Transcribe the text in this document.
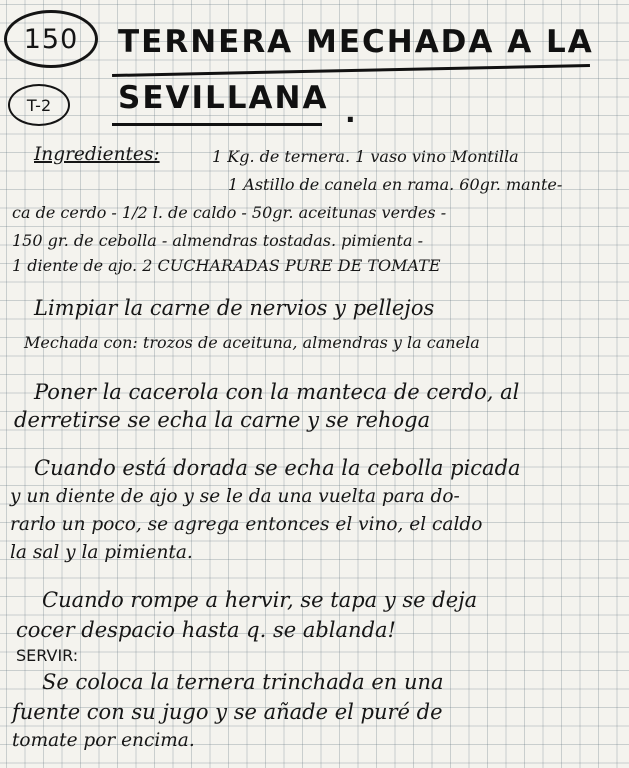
150
T-2
TERNERA MECHADA A LA
SEVILLANA .
Ingredientes:	1 Kg. de ternera. 1 vaso vino Montilla
1 Astillo de canela en rama. 60gr. mante-
ca de cerdo - 1/2 l. de caldo - 50gr. aceitunas verdes -
150 gr. de cebolla - almendras tostadas. pimienta -
1 diente de ajo. 2 CUCHARADAS PURE DE TOMATE
Limpiar la carne de nervios y pellejos
Mechada con: trozos de aceituna, almendras y la canela
Poner la cacerola con la manteca de cerdo, al
derretirse se echa la carne y se rehoga
Cuando está dorada se echa la cebolla picada
y un diente de ajo y se le da una vuelta para do-
rarlo un poco, se agrega entonces el vino, el caldo
la sal y la pimienta.
Cuando rompe a hervir, se tapa y se deja
cocer despacio hasta q. se ablanda!
SERVIR:
Se coloca la ternera trinchada en una
fuente con su jugo y se añade el puré de
tomate por encima.
